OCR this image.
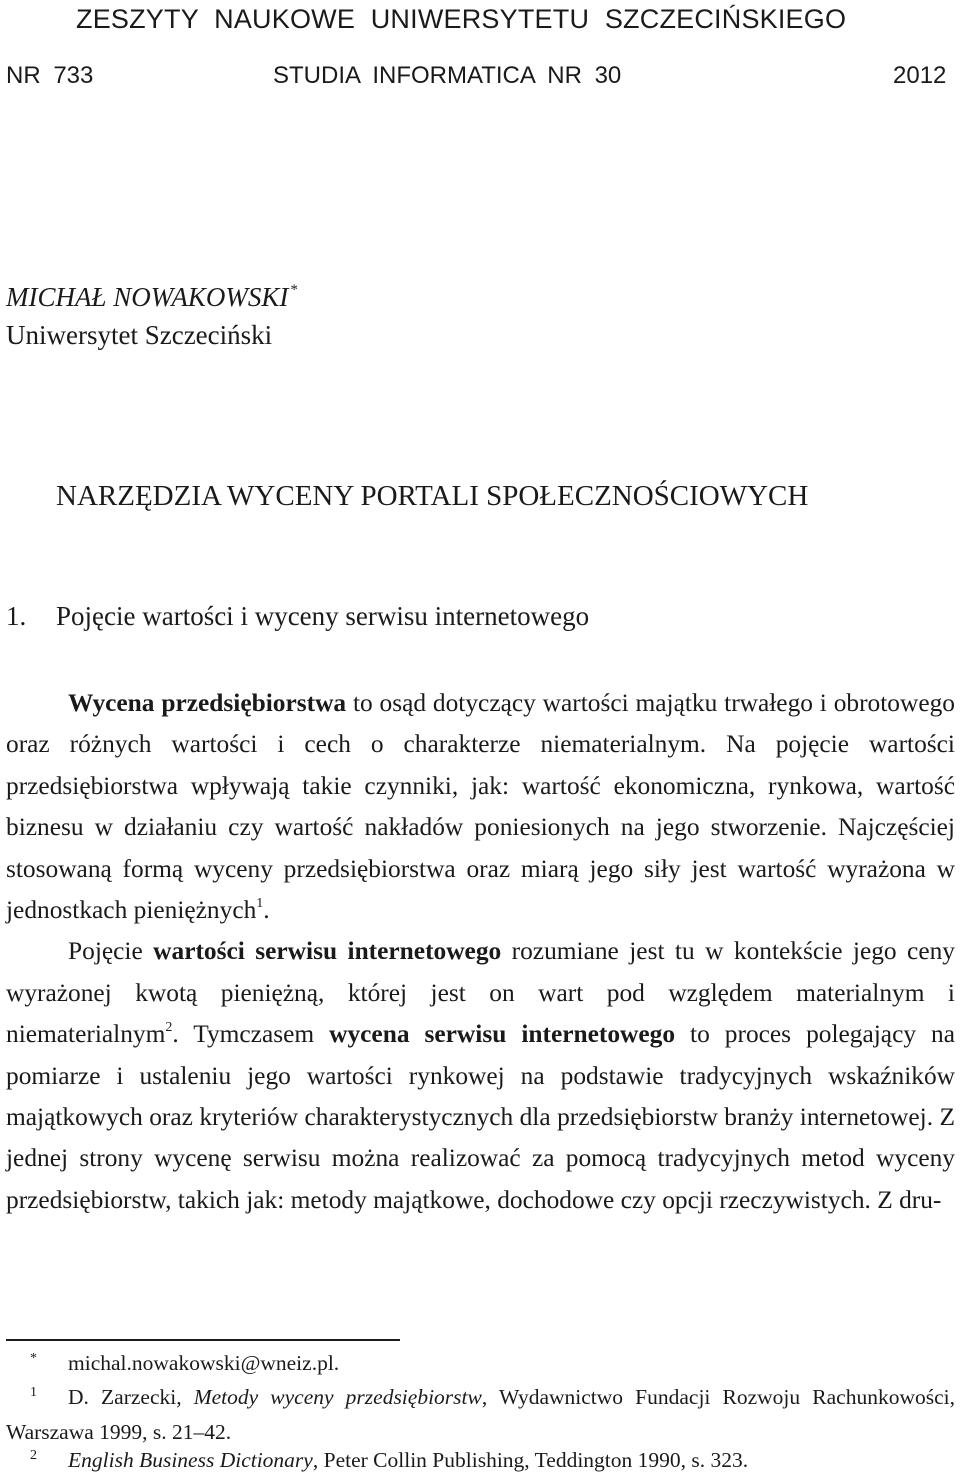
ZESZYTY NAUKOWE UNIWERSYTETU SZCZECIŃSKIEGO
NR 733	STUDIA INFORMATICA NR 30	2012
MICHAŁ NOWAKOWSKI *
Uniwersytet Szczeciński
NARZĘDZIA WYCENY PORTALI SPOŁECZNOŚCIOWYCH
1. Pojęcie wartości i wyceny serwisu internetowego

Wycena przedsiębiorstwa to osąd dotyczący wartości majątku trwałego i obrotowego oraz różnych wartości i cech o charakterze niematerialnym. Na pojęcie wartości przedsiębiorstwa wpływają takie czynniki, jak: wartość ekonomiczna, rynkowa, wartość biznesu w działaniu czy wartość nakładów poniesionych na jego stworzenie. Najczęściej stosowaną formą wyceny przedsiębiorstwa oraz miarą jego siły jest wartość wyrażona w jednostkach pieniężnych$^1$.

Pojęcie wartości serwisu internetowego rozumiane jest tu w kontekście jego ceny wyrażonej kwotą pieniężną, której jest on wart pod względem materialnym i niematerialnym$^2$. Tymczasem wycena serwisu internetowego to proces polegający na pomiarze i ustaleniu jego wartości rynkowej na podstawie tradycyjnych wskaźników majątkowych oraz kryteriów charakterystycznych dla przedsiębiorstw branży internetowej. Z jednej strony wycenę serwisu można realizować za pomocą tradycyjnych metod wyceny przedsiębiorstw, takich jak: metody majątkowe, dochodowe czy opcji rzeczywistych. Z dru-

* michal.nowakowski@wneiz.pl.

1 D. Zarzecki, Metody wyceny przedsiębiorstw, Wydawnictwo Fundacji Rozwoju Rachunkowości, Warszawa 1999, s. 21–42.

2 English Business Dictionary, Peter Collin Publishing, Teddington 1990, s. 323.
